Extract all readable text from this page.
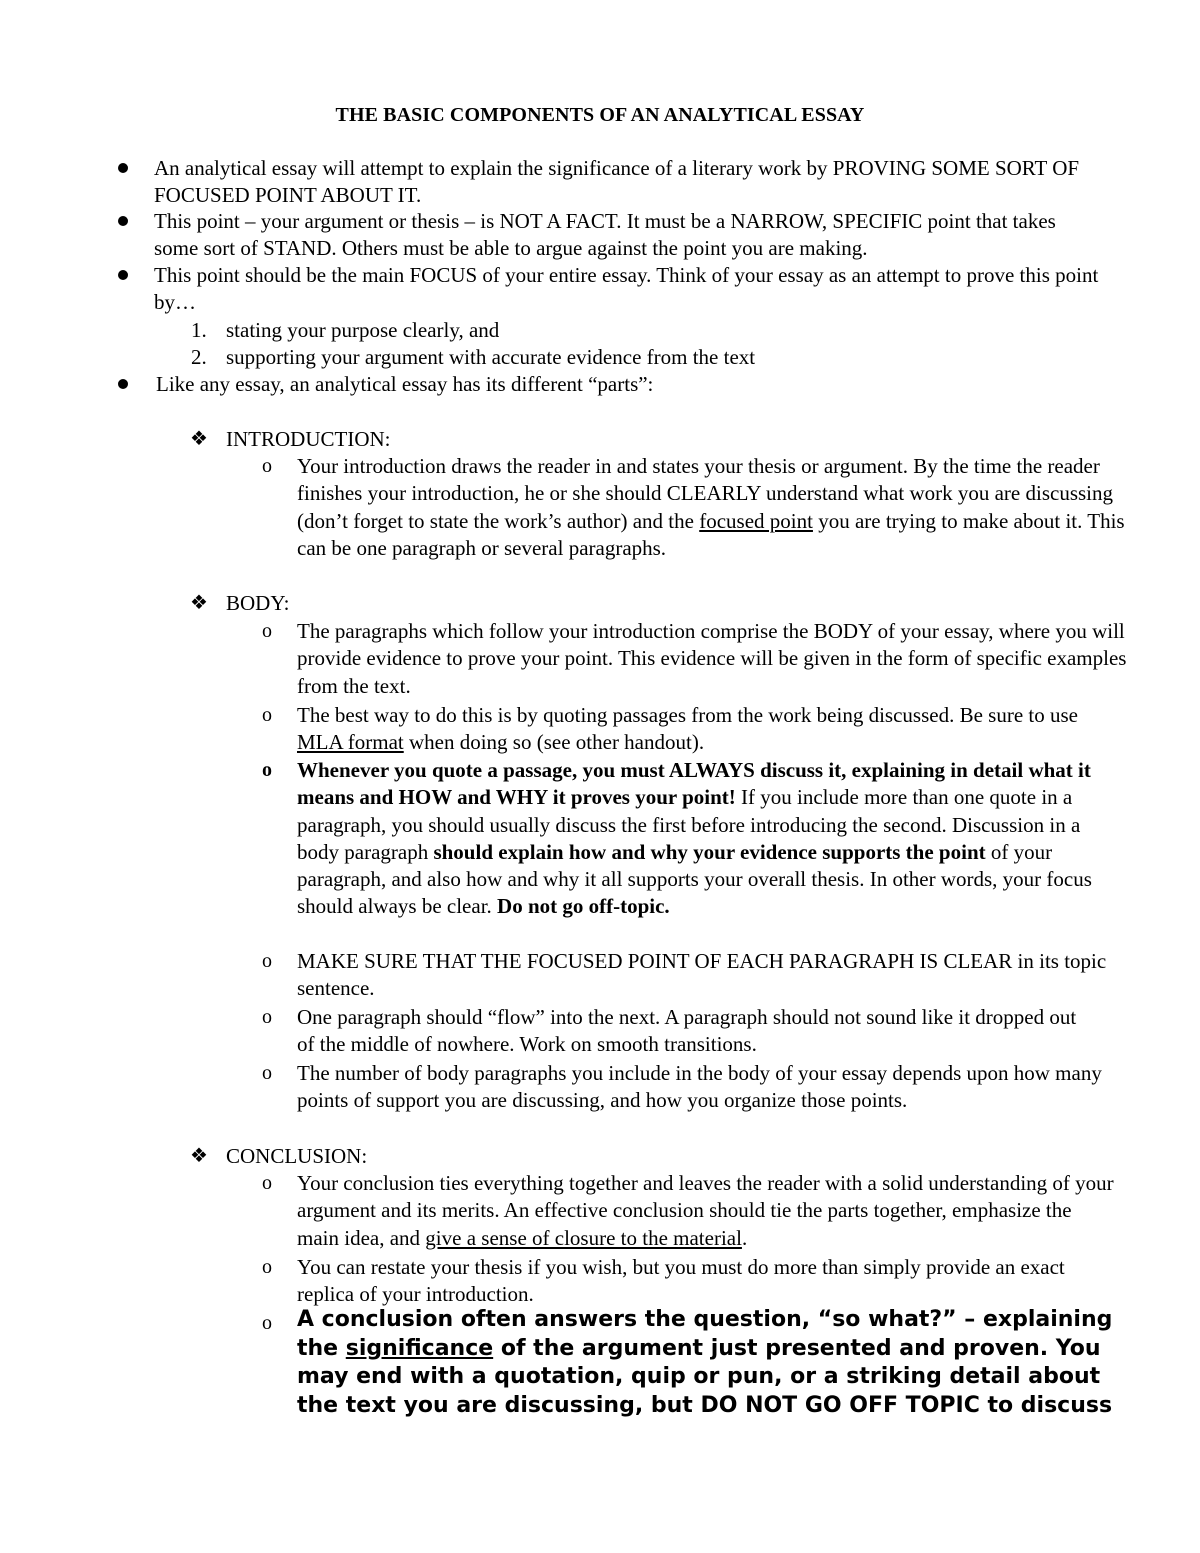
THE BASIC COMPONENTS OF AN ANALYTICAL ESSAY
An analytical essay will attempt to explain the significance of a literary work by PROVING SOME SORT OF FOCUSED POINT ABOUT IT.
This point – your argument or thesis – is NOT A FACT. It must be a NARROW, SPECIFIC point that takes some sort of STAND. Others must be able to argue against the point you are making.
This point should be the main FOCUS of your entire essay. Think of your essay as an attempt to prove this point by…
1. stating your purpose clearly, and
2. supporting your argument with accurate evidence from the text
Like any essay, an analytical essay has its different “parts”:
❖ INTRODUCTION:
o Your introduction draws the reader in and states your thesis or argument. By the time the reader finishes your introduction, he or she should CLEARLY understand what work you are discussing (don’t forget to state the work’s author) and the focused point you are trying to make about it. This can be one paragraph or several paragraphs.
❖ BODY:
o The paragraphs which follow your introduction comprise the BODY of your essay, where you will provide evidence to prove your point. This evidence will be given in the form of specific examples from the text.
o The best way to do this is by quoting passages from the work being discussed. Be sure to use MLA format when doing so (see other handout).
o Whenever you quote a passage, you must ALWAYS discuss it, explaining in detail what it means and HOW and WHY it proves your point! If you include more than one quote in a paragraph, you should usually discuss the first before introducing the second. Discussion in a body paragraph should explain how and why your evidence supports the point of your paragraph, and also how and why it all supports your overall thesis. In other words, your focus should always be clear. Do not go off-topic.
o MAKE SURE THAT THE FOCUSED POINT OF EACH PARAGRAPH IS CLEAR in its topic sentence.
o One paragraph should “flow” into the next. A paragraph should not sound like it dropped out of the middle of nowhere. Work on smooth transitions.
o The number of body paragraphs you include in the body of your essay depends upon how many points of support you are discussing, and how you organize those points.
❖ CONCLUSION:
o Your conclusion ties everything together and leaves the reader with a solid understanding of your argument and its merits. An effective conclusion should tie the parts together, emphasize the main idea, and give a sense of closure to the material.
o You can restate your thesis if you wish, but you must do more than simply provide an exact replica of your introduction.
o A conclusion often answers the question, “so what?” – explaining the significance of the argument just presented and proven. You may end with a quotation, quip or pun, or a striking detail about the text you are discussing, but DO NOT GO OFF TOPIC to discuss
